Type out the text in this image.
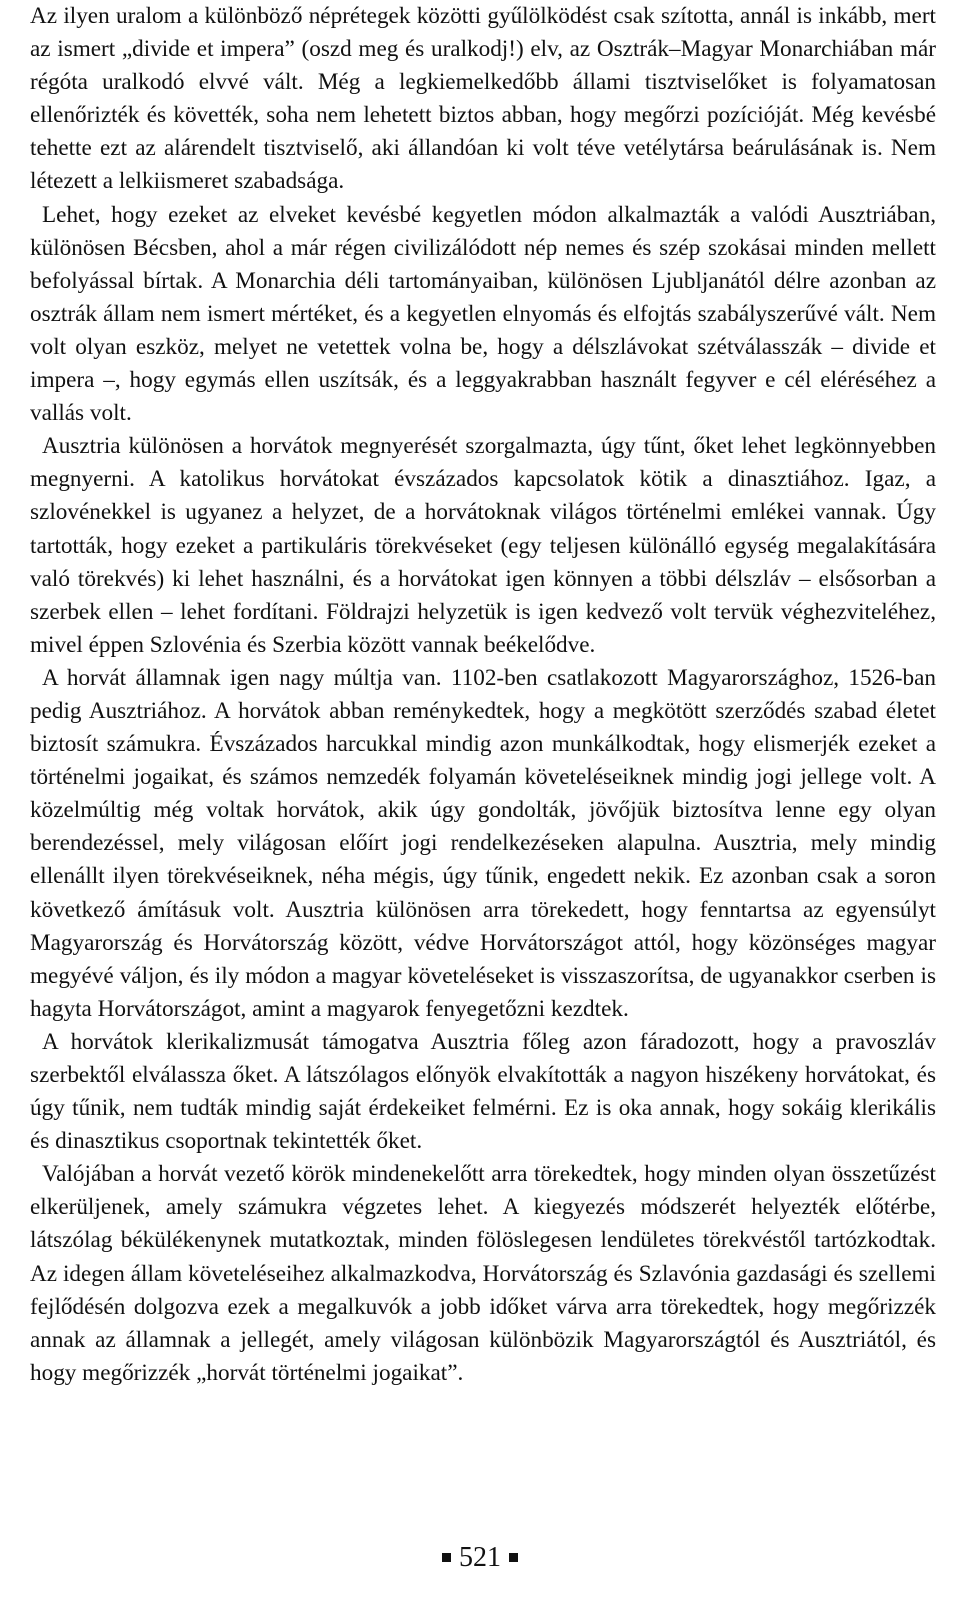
Az ilyen uralom a különböző néprétegek közötti gyűlölködést csak szította, annál is inkább, mert az ismert „divide et impera” (oszd meg és uralkodj!) elv, az Osztrák–Magyar Monarchiában már régóta uralkodó elvvé vált. Még a legkiemelkedőbb állami tisztviselőket is folyamatosan ellenőrizték és követték, soha nem lehetett biztos abban, hogy megőrzi pozícióját. Még kevésbé tehette ezt az alárendelt tisztviselő, aki állandóan ki volt téve vetélytársa beárulásának is. Nem létezett a lelkiismeret szabadsága.

Lehet, hogy ezeket az elveket kevésbé kegyetlen módon alkalmazták a valódi Ausztriában, különösen Bécsben, ahol a már régen civilizálódott nép nemes és szép szokásai minden mellett befolyással bírtak. A Monarchia déli tartományaiban, különösen Ljubljanától délre azonban az osztrák állam nem ismert mértéket, és a kegyetlen elnyomás és elfojtás szabályszerűvé vált. Nem volt olyan eszköz, melyet ne vetettek volna be, hogy a délszlávokat szétválasszák – divide et impera –, hogy egymás ellen uszítsák, és a leggyakrabban használt fegyver e cél eléréséhez a vallás volt.

Ausztria különösen a horvátok megnyerését szorgalmazta, úgy tűnt, őket lehet legkönnyebben megnyerni. A katolikus horvátokat évszázados kapcsolatok kötik a dinasztiához. Igaz, a szlovénekkel is ugyanez a helyzet, de a horvátoknak világos történelmi emlékei vannak. Úgy tartották, hogy ezeket a partikuláris törekvéseket (egy teljesen különálló egység megalakítására való törekvés) ki lehet használni, és a horvátokat igen könnyen a többi délszláv – elsősorban a szerbek ellen – lehet fordítani. Földrajzi helyzetük is igen kedvező volt tervük véghezviteléhez, mivel éppen Szlovénia és Szerbia között vannak beékelődve.

A horvát államnak igen nagy múltja van. 1102-ben csatlakozott Magyarországhoz, 1526-ban pedig Ausztriához. A horvátok abban reménykedtek, hogy a megkötött szerződés szabad életet biztosít számukra. Évszázados harcukkal mindig azon munkálkodtak, hogy elismerjék ezeket a történelmi jogaikat, és számos nemzedék folyamán követeléseiknek mindig jogi jellege volt. A közelmúltig még voltak horvátok, akik úgy gondolták, jövőjük biztosítva lenne egy olyan berendezéssel, mely világosan előírt jogi rendelkezéseken alapulna. Ausztria, mely mindig ellenállt ilyen törekvéseiknek, néha mégis, úgy tűnik, engedett nekik. Ez azonban csak a soron következő ámításuk volt. Ausztria különösen arra törekedett, hogy fenntartsa az egyensúlyt Magyarország és Horvátország között, védve Horvátországot attól, hogy közönséges magyar megyévé váljon, és ily módon a magyar követeléseket is visszaszorítsa, de ugyanakkor cserben is hagyta Horvátországot, amint a magyarok fenyegetőzni kezdtek.

A horvátok klerikalizmusát támogatva Ausztria főleg azon fáradozott, hogy a pravoszláv szerbektől elválassza őket. A látszólagos előnyök elvakították a nagyon hiszékeny horvátokat, és úgy tűnik, nem tudták mindig saját érdekeiket felmérni. Ez is oka annak, hogy sokáig klerikális és dinasztikus csoportnak tekintették őket.

Valójában a horvát vezető körök mindenekelőtt arra törekedtek, hogy minden olyan összetűzést elkerüljenek, amely számukra végzetes lehet. A kiegyezés módszerét helyezték előtérbe, látszólag békülékenynek mutatkoztak, minden fölöslegesen lendületes törekvéstől tartózkodtak. Az idegen állam követeléseihez alkalmazkodva, Horvátország és Szlavónia gazdasági és szellemi fejlődésén dolgozva ezek a megalkuvók a jobb időket várva arra törekedtek, hogy megőrizzék annak az államnak a jellegét, amely világosan különbözik Magyarországtól és Ausztriától, és hogy megőrizzék „horvát történelmi jogaikat”.

521
